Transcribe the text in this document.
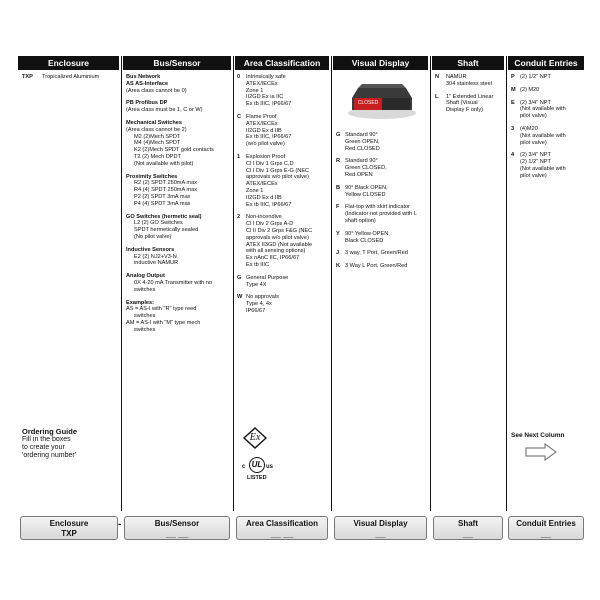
Enclosure	Bus/Sensor	Area Classification	Visual Display	Shaft	Conduit Entries
TXP	Tropicalized Aluminium
Ordering Guide
Fill in the boxes
to create your
'ordering number'
Bus Network
AS AS-Interface
(Area class cannot be 0)
PB Profibus DP
(Area class must be 1, C or W)
Mechanical Switches
(Area class cannot be 2)
M2 (2)Mech SPDT
M4 (4)Mech SPDT
K2 (2)Mech SPDT gold contacts
T2 (2) Mech DPDT
(Not available with pilot)
Proximity Switches
R2 (2) SPDT 250mA max
R4 (4) SPDT 250mA max
P2 (2) SPDT 3mA max
P4 (4) SPDT 3mA max
GO Switches (hermetic seal)
L2 (2) GO Switches
SPDT hermetically sealed
(No pilot valve)
Inductive Sensors
E2 (2) NJ2+V3-N
inductive NAMUR
Analog Output
0X 4-20 mA Transmitter with no
switches
Examples:
AS = AS-I with "R" type reed
switches
AM = AS-I with "M" type mech
switches
0	Intrinsically safe
ATEX/IECEx
Zone 1
II2GD Ex ia IIC
Ex tb IIIC, IP66/67
C Flame Proof
ATEX/IECEx
II2GD Ex d IIB
Ex tb IIIC, IP66/67
(w/o pilot valve)
1	Explosion Proof
Cl I Div 1 Grps C,D
Cl I Div 1 Grps E-G (NEC
approvals w/o pilot valve)
ATEX/IECEx
Zone 1
II2GD Ex d IIB
Ex tb IIIC, IP66/67
2	Non-incendive
Cl I Div 2 Grps A-D
Cl II Div 2 Grps F&G (NEC
approvals w/o pilot valve)
ATEX II3GD (Not available
with all sensing options)
Ex nAnC IIC, IP66/67
Ex tb IIIC
G General Purpose
Type 4X
W No approvals
Type 4, 4x
IP66/67
Ex
c UL us
LISTED
CLOSED
G Standard 90°
Green OPEN,
Red CLOSED
R Standard 90°
Green CLOSED,
Red OPEN
B 90° Black OPEN,
Yellow CLOSED
F Flat-top with skirt indicator
(Indicator not provided with L
shaft option)
Y 90° Yellow OPEN,
Black CLOSED
J	3 way, T Port, Green/Red
K 3 Way L Port, Green/Red
N	NAMUR
304 stainless steel
L	1" Extended Linear
Shaft (Visual
Display F only)
P (2) 1/2" NPT
M (2) M20
E (2) 3/4" NPT
(Not available with
pilot valve)
3	(4)M20
(Not available with
pilot valve)
4	(2) 3/4" NPT
(2) 1/2" NPT
(Not available with
pilot valve)
See Next Column
Enclosure
TXP
-	Bus/Sensor
__ __
Area Classification
__ __
Visual Display
__
Shaft
__
Conduit Entries
__
